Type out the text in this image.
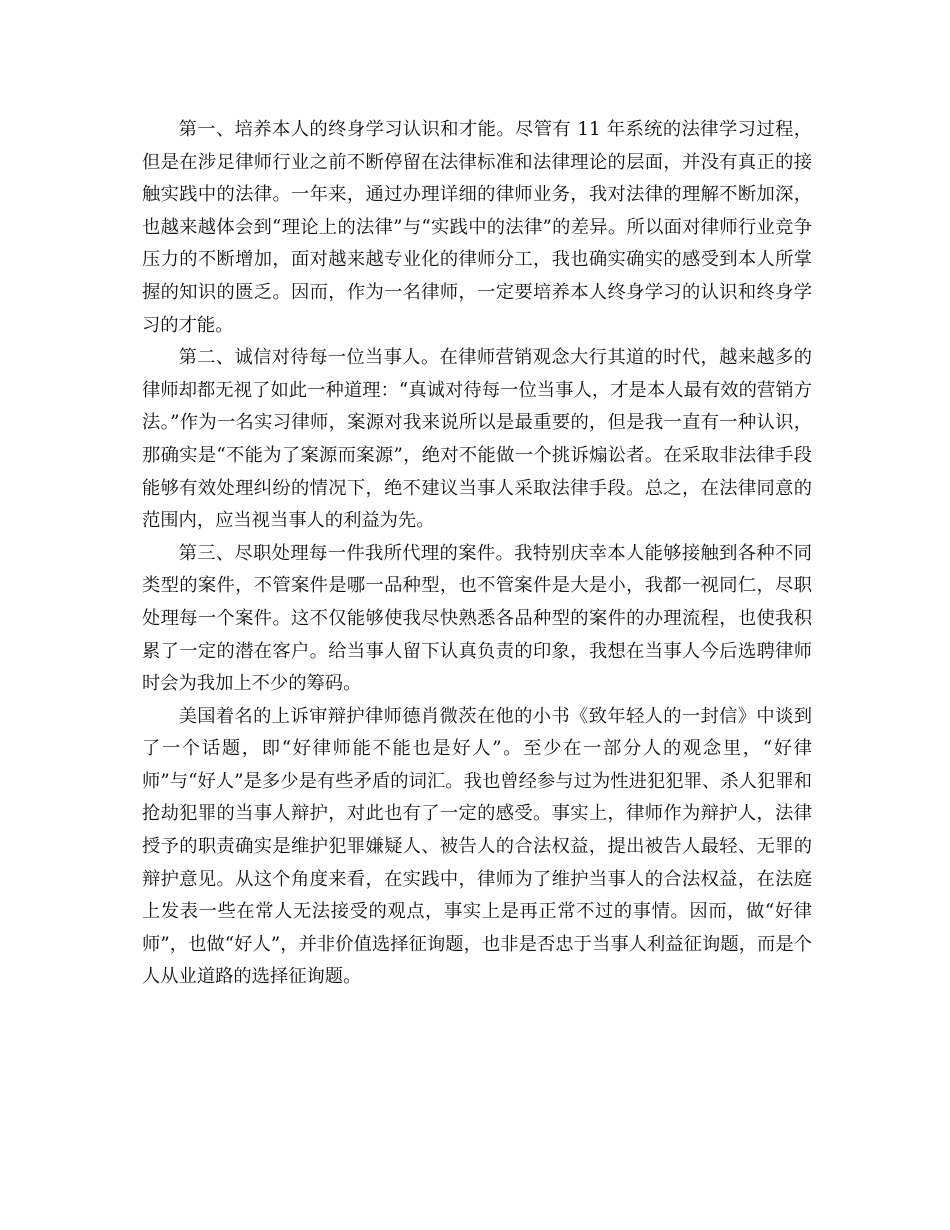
第一、培养本人的终身学习认识和才能。尽管有 11 年系统的法律学习过程，但是在涉足律师行业之前不断停留在法律标准和法律理论的层面，并没有真正的接触实践中的法律。一年来，通过办理详细的律师业务，我对法律的理解不断加深，也越来越体会到“理论上的法律”与“实践中的法律”的差异。所以面对律师行业竞争压力的不断增加，面对越来越专业化的律师分工，我也确实确实的感受到本人所掌握的知识的匮乏。因而，作为一名律师，一定要培养本人终身学习的认识和终身学习的才能。

第二、诚信对待每一位当事人。在律师营销观念大行其道的时代，越来越多的律师却都无视了如此一种道理：“真诚对待每一位当事人，才是本人最有效的营销方法。”作为一名实习律师，案源对我来说所以是最重要的，但是我一直有一种认识，那确实是“不能为了案源而案源”，绝对不能做一个挑诉煽讼者。在采取非法律手段能够有效处理纠纷的情况下，绝不建议当事人采取法律手段。总之，在法律同意的范围内，应当视当事人的利益为先。

第三、尽职处理每一件我所代理的案件。我特别庆幸本人能够接触到各种不同类型的案件，不管案件是哪一品种型，也不管案件是大是小，我都一视同仁，尽职处理每一个案件。这不仅能够使我尽快熟悉各品种型的案件的办理流程，也使我积累了一定的潜在客户。给当事人留下认真负责的印象，我想在当事人今后选聘律师时会为我加上不少的筹码。

美国着名的上诉审辩护律师德肖微茨在他的小书《致年轻人的一封信》中谈到了一个话题，即“好律师能不能也是好人”。至少在一部分人的观念里，“好律师”与“好人”是多少是有些矛盾的词汇。我也曾经参与过为性进犯犯罪、杀人犯罪和抢劫犯罪的当事人辩护，对此也有了一定的感受。事实上，律师作为辩护人，法律授予的职责确实是维护犯罪嫌疑人、被告人的合法权益，提出被告人最轻、无罪的辩护意见。从这个角度来看，在实践中，律师为了维护当事人的合法权益，在法庭上发表一些在常人无法接受的观点，事实上是再正常不过的事情。因而，做“好律师”，也做“好人”，并非价值选择征询题，也非是否忠于当事人利益征询题，而是个人从业道路的选择征询题。
